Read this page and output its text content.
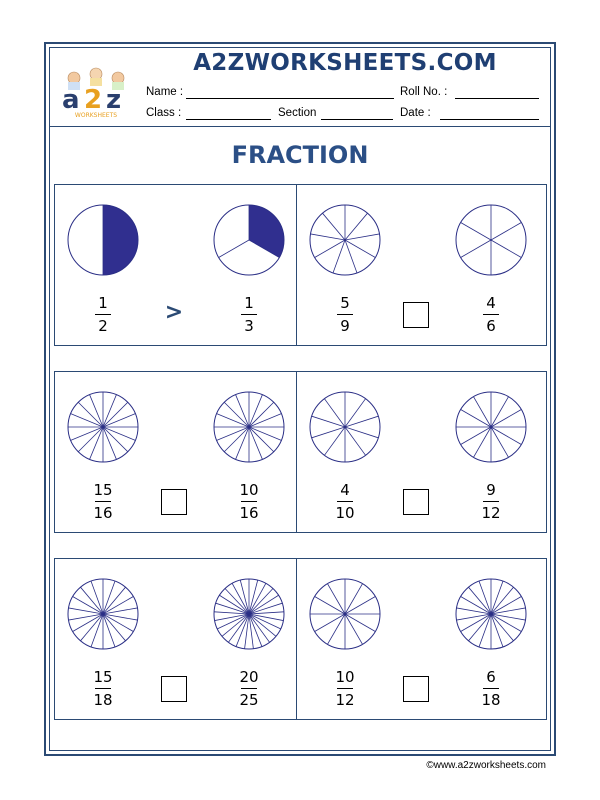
a 2 z
WORKSHEETS
A2ZWORKSHEETS.COM
Name :	Roll No. :
Class :	Section	Date :
FRACTION
1
2
1
3
>	5
9
4
6
15
16
10
16
4
10
9
12
15
18
20
25
10
12
6
18
©www.a2zworksheets.com
